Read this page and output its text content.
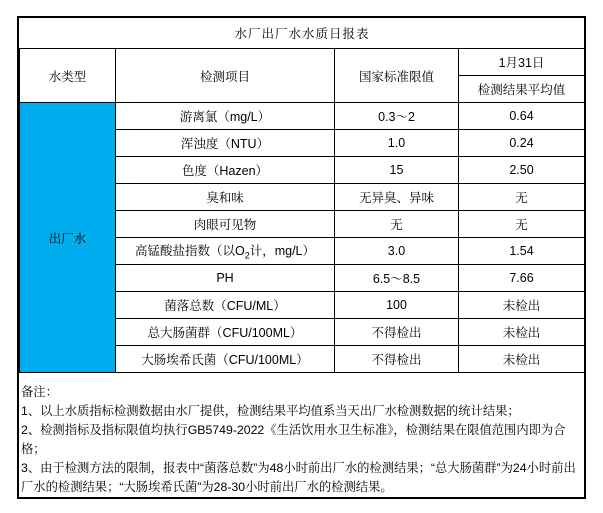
水厂出厂水水质日报表			
水类型	检测项目	国家标准限值	1月31日
			检测结果平均值
出厂水	游离氯（mg/L）	0.3～2	0.64
	浑浊度（NTU）	1.0	0.24
	色度（Hazen）	15	2.50
	臭和味	无异臭、异味	无
	肉眼可见物	无	无
	高锰酸盐指数（以$O_2$计，mg/L）	3.0	1.54
	PH	6.5～8.5	7.66
	菌落总数（CFU/ML）	100	未检出
	总大肠菌群（CFU/100ML）	不得检出	未检出
	大肠埃希氏菌（CFU/100ML）	不得检出	未检出
备注：
1、以上水质指标检测数据由水厂提供，检测结果平均值系当天出厂水检测数据的统计结果；
2、检测指标及指标限值均执行GB5749-2022《生活饮用水卫生标准》，检测结果在限值范围内即为合格；
3、由于检测方法的限制，报表中“菌落总数”为48小时前出厂水的检测结果；“总大肠菌群”为24小时前出厂水的检测结果；“大肠埃希氏菌”为28-30小时前出厂水的检测结果。
